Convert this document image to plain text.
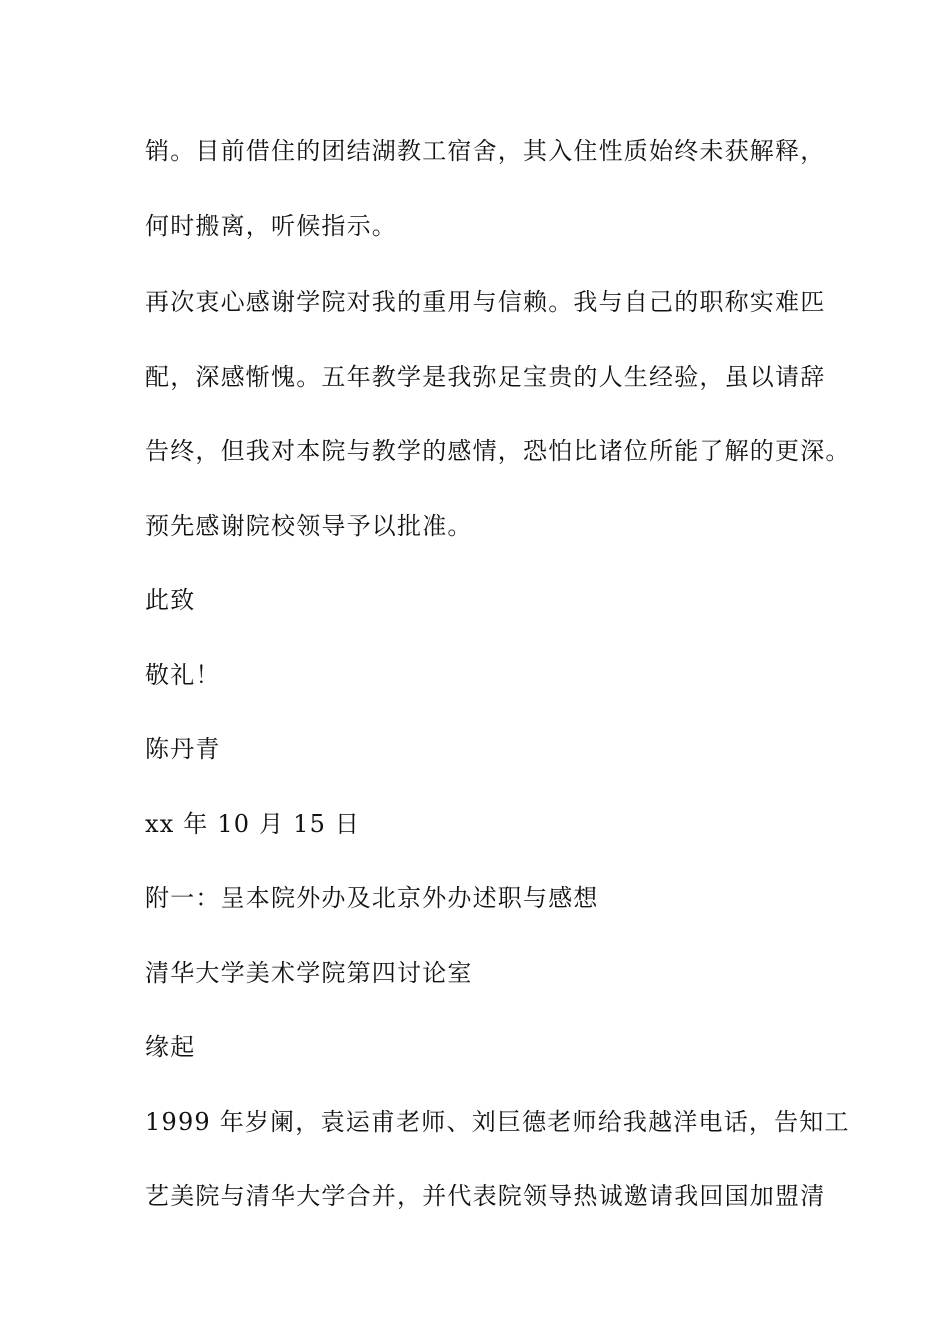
销。目前借住的团结湖教工宿舍，其入住性质始终未获解释，
何时搬离，听候指示。
再次衷心感谢学院对我的重用与信赖。我与自己的职称实难匹
配，深感惭愧。五年教学是我弥足宝贵的人生经验，虽以请辞
告终，但我对本院与教学的感情，恐怕比诸位所能了解的更深。
预先感谢院校领导予以批准。
此致
敬礼！
陈丹青
xx 年 10 月 15 日
附一：呈本院外办及北京外办述职与感想
清华大学美术学院第四讨论室
缘起
1999 年岁阑，袁运甫老师、刘巨德老师给我越洋电话，告知工
艺美院与清华大学合并，并代表院领导热诚邀请我回国加盟清
